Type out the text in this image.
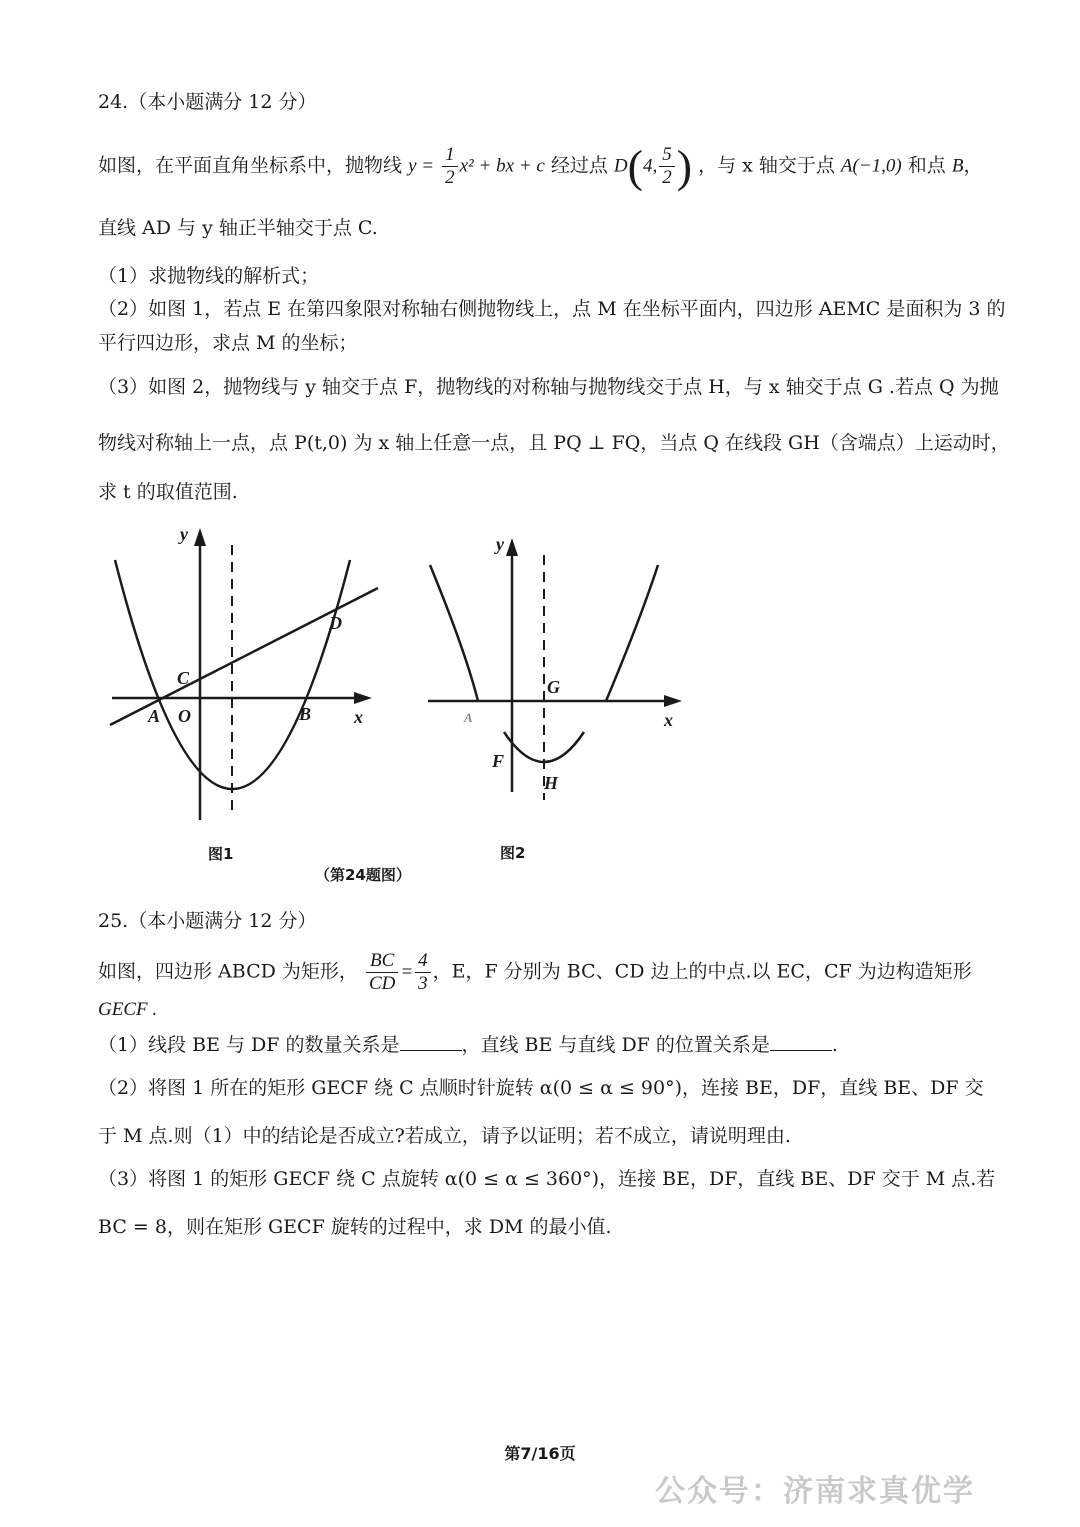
24.（本小题满分 12 分）
如图，在平面直角坐标系中，抛物线 $y = \frac{1}{2} x^2$ + bx + c 经过点 D(4, $\frac{5}{2}$ ) ，与 x 轴交于点 A(−1,0) 和点 B，
直线 AD 与 y 轴正半轴交于点 C.
（1）求抛物线的解析式；
（2）如图 1，若点 E 在第四象限对称轴右侧抛物线上，点 M 在坐标平面内，四边形 AEMC 是面积为 3 的
平行四边形，求点 M 的坐标；
（3）如图 2，抛物线与 y 轴交于点 F，抛物线的对称轴与抛物线交于点 H，与 x 轴交于点 G .若点 Q 为抛
物线对称轴上一点，点 P(t,0) 为 x 轴上任意一点，且 PQ ⊥ FQ，当点 Q 在线段 GH（含端点）上运动时，
求 t 的取值范围.
y
x
C
D
A O	B
y
x
G
F
H
A
图1	图2
（第24题图）
25.（本小题满分 12 分）
如图，四边形 ABCD 为矩形， $\frac{BC}{CD} = \frac{4}{3}$ ，E，F 分别为 BC、CD 边上的中点.以 EC，CF 为边构造矩形
GECF .
（1）线段 BE 与 DF 的数量关系是	，直线 BE 与直线 DF 的位置关系是	.
（2）将图 1 所在的矩形 GECF 绕 C 点顺时针旋转 α(0 ≤ α ≤ 90°)，连接 BE，DF，直线 BE、DF 交
于 M 点.则（1）中的结论是否成立?若成立，请予以证明；若不成立，请说明理由.
（3）将图 1 的矩形 GECF 绕 C 点旋转 α(0 ≤ α ≤ 360°)，连接 BE，DF，直线 BE、DF 交于 M 点.若
BC = 8，则在矩形 GECF 旋转的过程中，求 DM 的最小值.
第7/16页
公众号：济南求真优学
